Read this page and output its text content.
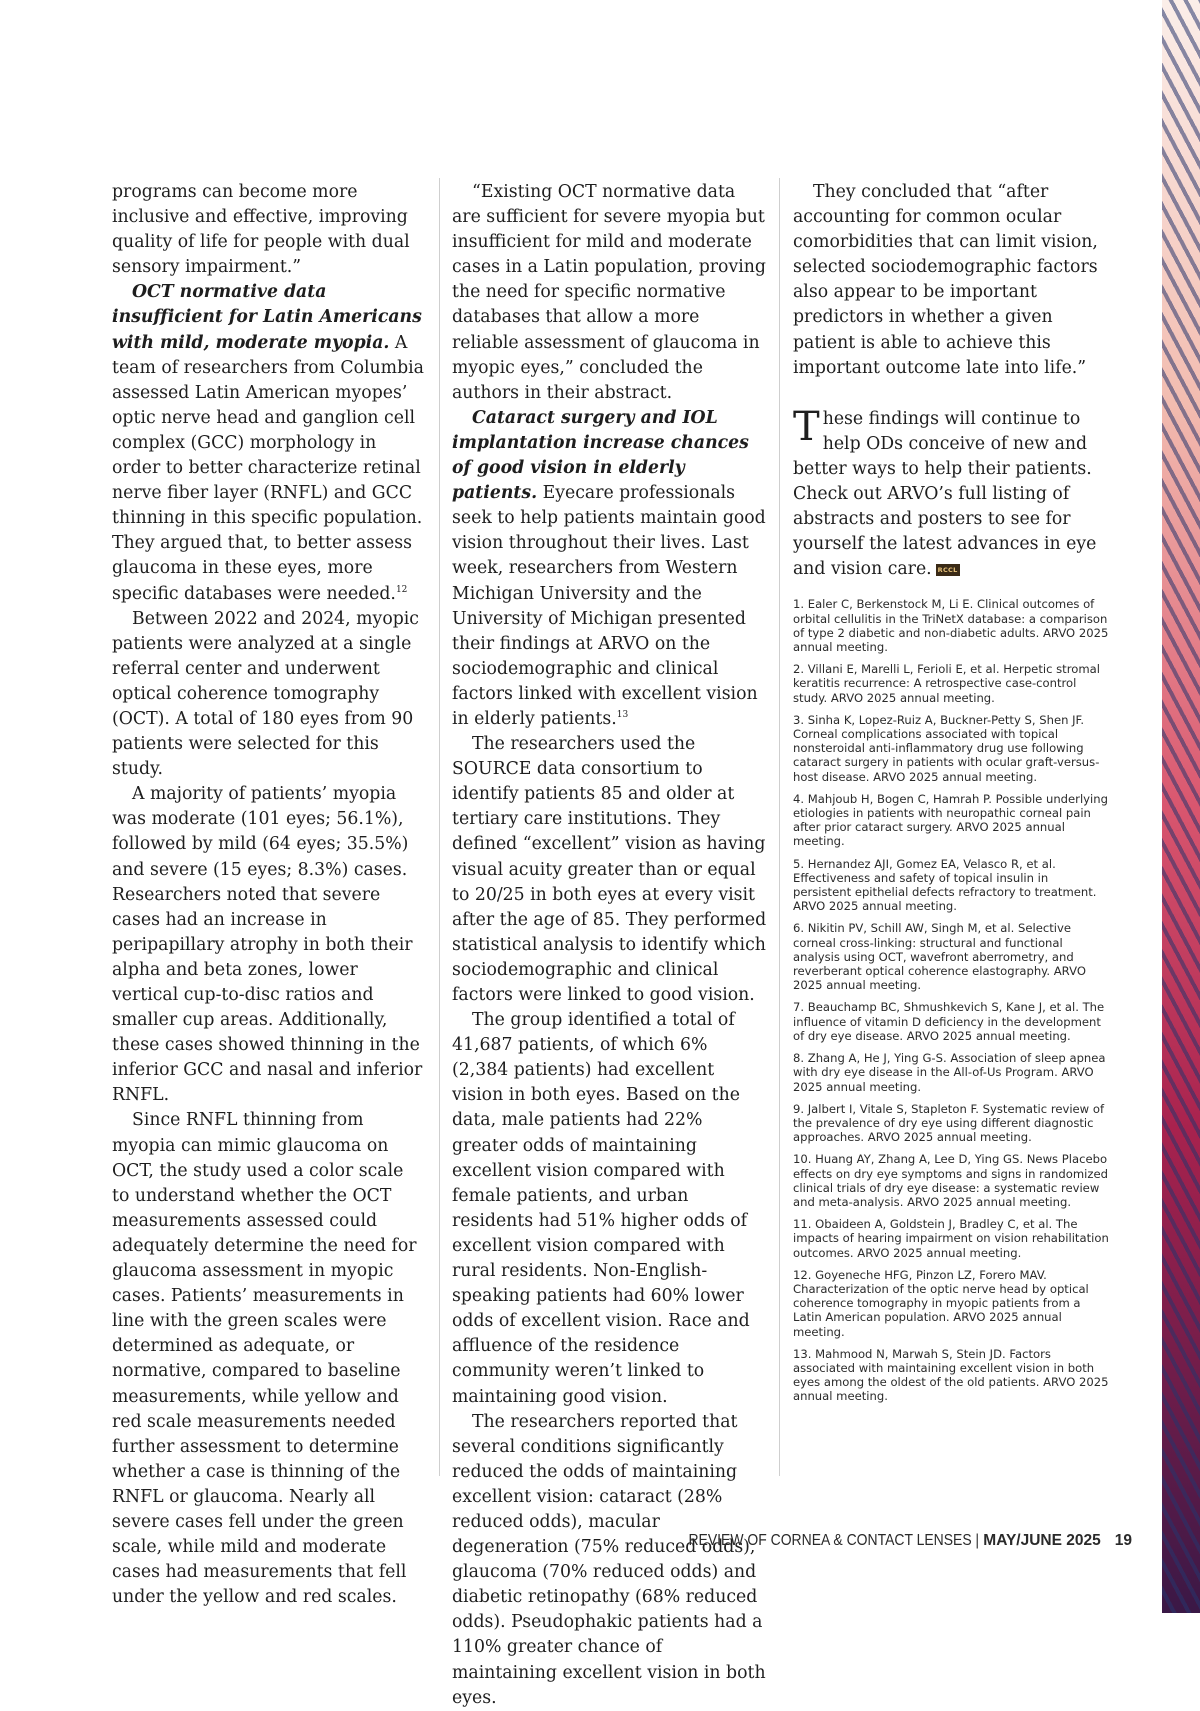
programs can become more inclusive and effective, improving quality of life for people with dual sensory impairment.”

OCT normative data insufficient for Latin Americans with mild, moderate myopia. A team of researchers from Columbia assessed Latin American myopes’ optic nerve head and ganglion cell complex (GCC) morphology in order to better characterize retinal nerve fiber layer (RNFL) and GCC thinning in this specific population. They argued that, to better assess glaucoma in these eyes, more specific databases were needed.$^{12}$

Between 2022 and 2024, myopic patients were analyzed at a single referral center and underwent optical coherence tomography (OCT). A total of 180 eyes from 90 patients were selected for this study.

A majority of patients’ myopia was moderate (101 eyes; 56.1%), followed by mild (64 eyes; 35.5%) and severe (15 eyes; 8.3%) cases. Researchers noted that severe cases had an increase in peripapillary atrophy in both their alpha and beta zones, lower vertical cup-to-disc ratios and smaller cup areas. Additionally, these cases showed thinning in the inferior GCC and nasal and inferior RNFL.

Since RNFL thinning from myopia can mimic glaucoma on OCT, the study used a color scale to understand whether the OCT measurements assessed could adequately determine the need for glaucoma assessment in myopic cases. Patients’ measurements in line with the green scales were determined as adequate, or normative, compared to baseline measurements, while yellow and red scale measurements needed further assessment to determine whether a case is thinning of the RNFL or glaucoma. Nearly all severe cases fell under the green scale, while mild and moderate cases had measurements that fell under the yellow and red scales.

“Existing OCT normative data are sufficient for severe myopia but insufficient for mild and moderate cases in a Latin population, proving the need for specific normative databases that allow a more reliable assessment of glaucoma in myopic eyes,” concluded the authors in their abstract.

Cataract surgery and IOL implantation increase chances of good vision in elderly patients. Eyecare professionals seek to help patients maintain good vision throughout their lives. Last week, researchers from Western Michigan University and the University of Michigan presented their findings at ARVO on the sociodemographic and clinical factors linked with excellent vision in elderly patients.$^{13}$

The researchers used the SOURCE data consortium to identify patients 85 and older at tertiary care institutions. They defined “excellent” vision as having visual acuity greater than or equal to 20/25 in both eyes at every visit after the age of 85. They performed statistical analysis to identify which sociodemographic and clinical factors were linked to good vision.

The group identified a total of 41,687 patients, of which 6% (2,384 patients) had excellent vision in both eyes. Based on the data, male patients had 22% greater odds of maintaining excellent vision compared with female patients, and urban residents had 51% higher odds of excellent vision compared with rural residents. Non-English-speaking patients had 60% lower odds of excellent vision. Race and affluence of the residence community weren’t linked to maintaining good vision.

The researchers reported that several conditions significantly reduced the odds of maintaining excellent vision: cataract (28% reduced odds), macular degeneration (75% reduced odds), glaucoma (70% reduced odds) and diabetic retinopathy (68% reduced odds). Pseudophakic patients had a 110% greater chance of maintaining excellent vision in both eyes.

They concluded that “after accounting for common ocular comorbidities that can limit vision, selected sociodemographic factors also appear to be important predictors in whether a given patient is able to achieve this important outcome late into life.”

These findings will continue to help ODs conceive of new and better ways to help their patients. Check out ARVO’s full listing of abstracts and posters to see for yourself the latest advances in eye and vision care. RCCL

1. Ealer C, Berkenstock M, Li E. Clinical outcomes of orbital cellulitis in the TriNetX database: a comparison of type 2 diabetic and non-diabetic adults. ARVO 2025 annual meeting.

2. Villani E, Marelli L, Ferioli E, et al. Herpetic stromal keratitis recurrence: A retrospective case-control study. ARVO 2025 annual meeting.

3. Sinha K, Lopez-Ruiz A, Buckner-Petty S, Shen JF. Corneal complications associated with topical nonsteroidal anti-inflammatory drug use following cataract surgery in patients with ocular graft-versus-host disease. ARVO 2025 annual meeting.

4. Mahjoub H, Bogen C, Hamrah P. Possible underlying etiologies in patients with neuropathic corneal pain after prior cataract surgery. ARVO 2025 annual meeting.

5. Hernandez AJI, Gomez EA, Velasco R, et al. Effectiveness and safety of topical insulin in persistent epithelial defects refractory to treatment. ARVO 2025 annual meeting.

6. Nikitin PV, Schill AW, Singh M, et al. Selective corneal cross-linking: structural and functional analysis using OCT, wavefront aberrometry, and reverberant optical coherence elastography. ARVO 2025 annual meeting.

7. Beauchamp BC, Shmushkevich S, Kane J, et al. The influence of vitamin D deficiency in the development of dry eye disease. ARVO 2025 annual meeting.

8. Zhang A, He J, Ying G-S. Association of sleep apnea with dry eye disease in the All-of-Us Program. ARVO 2025 annual meeting.

9. Jalbert I, Vitale S, Stapleton F. Systematic review of the prevalence of dry eye using different diagnostic approaches. ARVO 2025 annual meeting.

10. Huang AY, Zhang A, Lee D, Ying GS. News Placebo effects on dry eye symptoms and signs in randomized clinical trials of dry eye disease: a systematic review and meta-analysis. ARVO 2025 annual meeting.

11. Obaideen A, Goldstein J, Bradley C, et al. The impacts of hearing impairment on vision rehabilitation outcomes. ARVO 2025 annual meeting.

12. Goyeneche HFG, Pinzon LZ, Forero MAV. Characterization of the optic nerve head by optical coherence tomography in myopic patients from a Latin American population. ARVO 2025 annual meeting.

13. Mahmood N, Marwah S, Stein JD. Factors associated with maintaining excellent vision in both eyes among the oldest of the old patients. ARVO 2025 annual meeting.

REVIEW OF CORNEA & CONTACT LENSES | MAY/JUNE 2025 19
